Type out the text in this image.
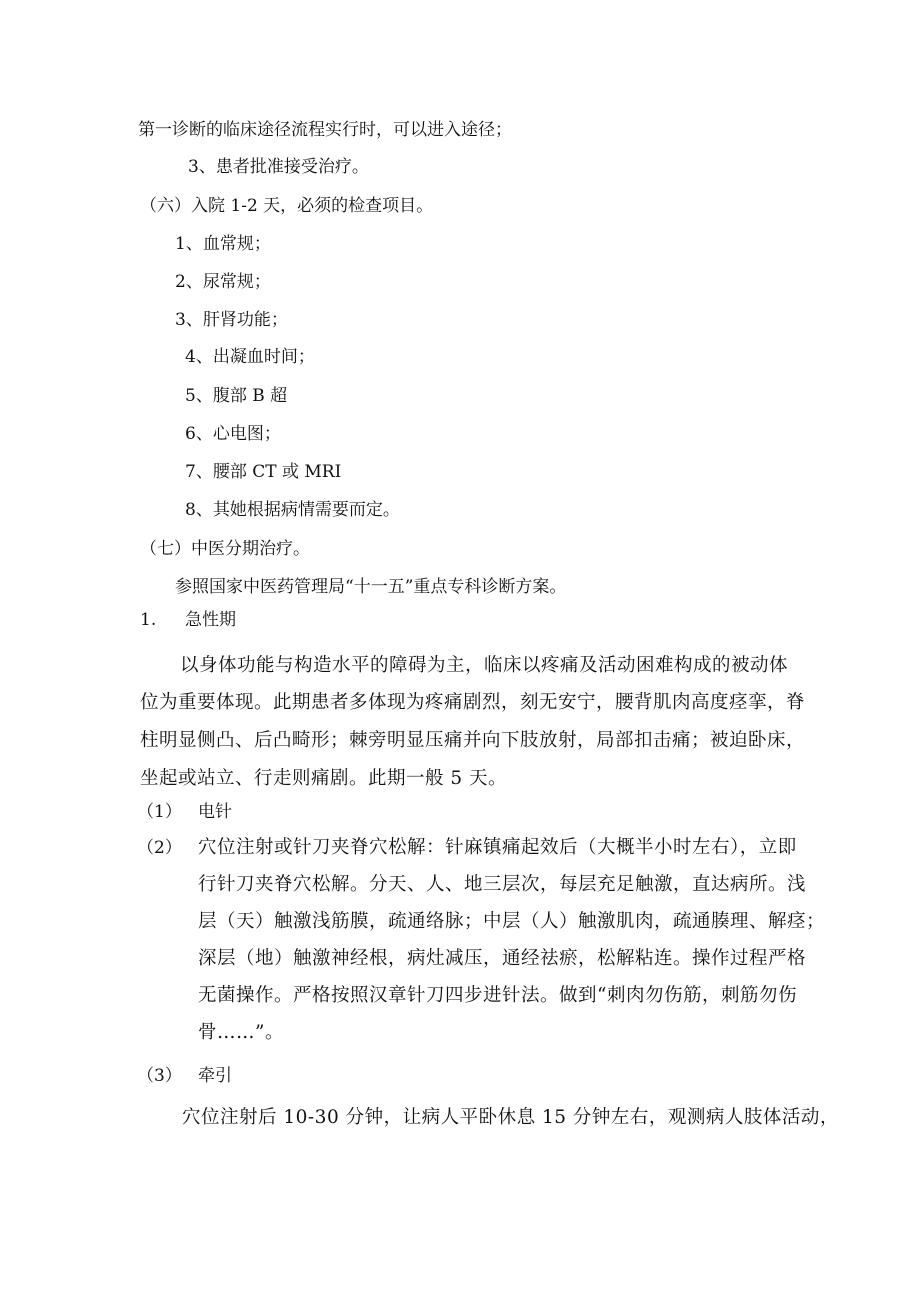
第一诊断的临床途径流程实行时，可以进入途径；
3、患者批准接受治疗。
（六）入院 1-2 天，必须的检查项目。
1、血常规；
2、尿常规；
3、肝肾功能；
4、出凝血时间；
5、腹部 B 超
6、心电图；
7、腰部 CT 或 MRI
8、其她根据病情需要而定。
（七）中医分期治疗。
参照国家中医药管理局“十一五”重点专科诊断方案。
1. 急性期
以身体功能与构造水平的障碍为主，临床以疼痛及活动困难构成的被动体
位为重要体现。此期患者多体现为疼痛剧烈，刻无安宁，腰背肌肉高度痉挛，脊
柱明显侧凸、后凸畸形；棘旁明显压痛并向下肢放射，局部扣击痛；被迫卧床，
坐起或站立、行走则痛剧。此期一般 5 天。
（1） 电针
（2） 穴位注射或针刀夹脊穴松解：针麻镇痛起效后（大概半小时左右），立即
行针刀夹脊穴松解。分天、人、地三层次，每层充足触激，直达病所。浅
层（天）触激浅筋膜，疏通络脉；中层（人）触激肌肉，疏通腠理、解痉；
深层（地）触激神经根，病灶减压，通经祛瘀，松解粘连。操作过程严格
无菌操作。严格按照汉章针刀四步进针法。做到“刺肉勿伤筋，刺筋勿伤
骨……”。
（3） 牵引
穴位注射后 10-30 分钟，让病人平卧休息 15 分钟左右，观测病人肢体活动，
